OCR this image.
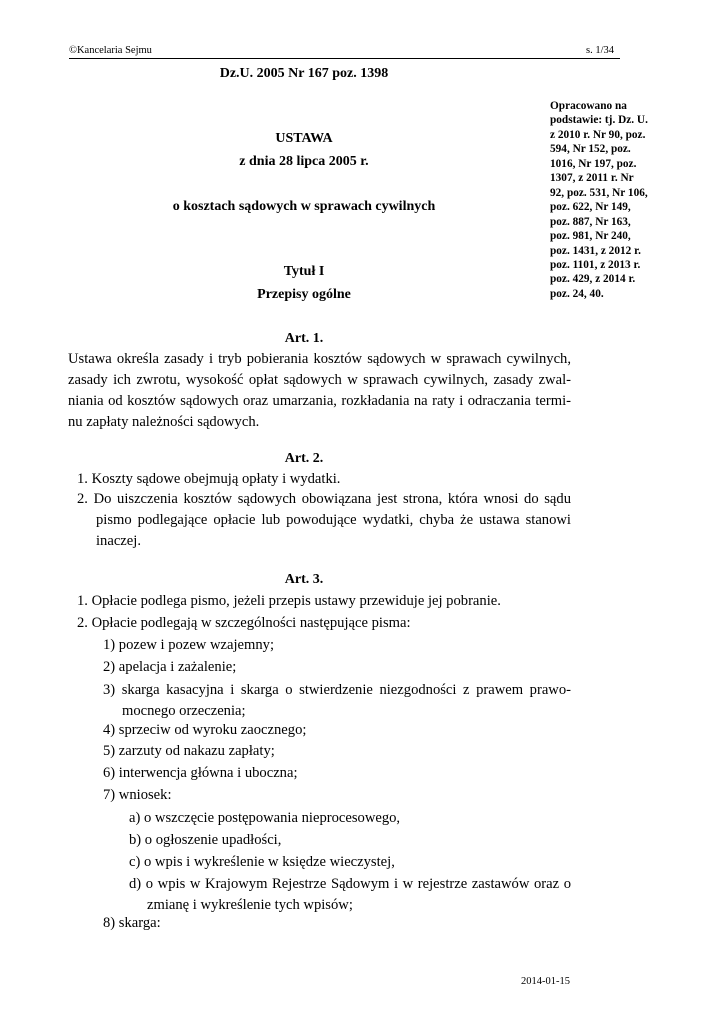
©Kancelaria Sejmu	s. 1/34
Dz.U. 2005 Nr 167 poz. 1398
USTAWA
z dnia 28 lipca 2005 r.
o kosztach sądowych w sprawach cywilnych
Opracowano na
podstawie: tj. Dz. U.
z 2010 r. Nr 90, poz.
594, Nr 152, poz.
1016, Nr 197, poz.
1307, z 2011 r. Nr
92, poz. 531, Nr 106,
poz. 622, Nr 149,
poz. 887, Nr 163,
poz. 981, Nr 240,
poz. 1431, z 2012 r.
poz. 1101, z 2013 r.
poz. 429, z 2014 r.
poz. 24, 40.
Tytuł I
Przepisy ogólne
Art. 1.
Ustawa określa zasady i tryb pobierania kosztów sądowych w sprawach cywilnych,
zasady ich zwrotu, wysokość opłat sądowych w sprawach cywilnych, zasady zwal-
niania od kosztów sądowych oraz umarzania, rozkładania na raty i odraczania termi-
nu zapłaty należności sądowych.
Art. 2.
1. Koszty sądowe obejmują opłaty i wydatki.
2. Do uiszczenia kosztów sądowych obowiązana jest strona, która wnosi do sądu
pismo podlegające opłacie lub powodujące wydatki, chyba że ustawa stanowi
inaczej.
Art. 3.
1. Opłacie podlega pismo, jeżeli przepis ustawy przewiduje jej pobranie.
2. Opłacie podlegają w szczególności następujące pisma:
1) pozew i pozew wzajemny;
2) apelacja i zażalenie;
3) skarga kasacyjna i skarga o stwierdzenie niezgodności z prawem prawo-
mocnego orzeczenia;
4) sprzeciw od wyroku zaocznego;
5) zarzuty od nakazu zapłaty;
6) interwencja główna i uboczna;
7) wniosek:
a) o wszczęcie postępowania nieprocesowego,
b) o ogłoszenie upadłości,
c) o wpis i wykreślenie w księdze wieczystej,
d) o wpis w Krajowym Rejestrze Sądowym i w rejestrze zastawów oraz o
zmianę i wykreślenie tych wpisów;
8) skarga:
2014-01-15
